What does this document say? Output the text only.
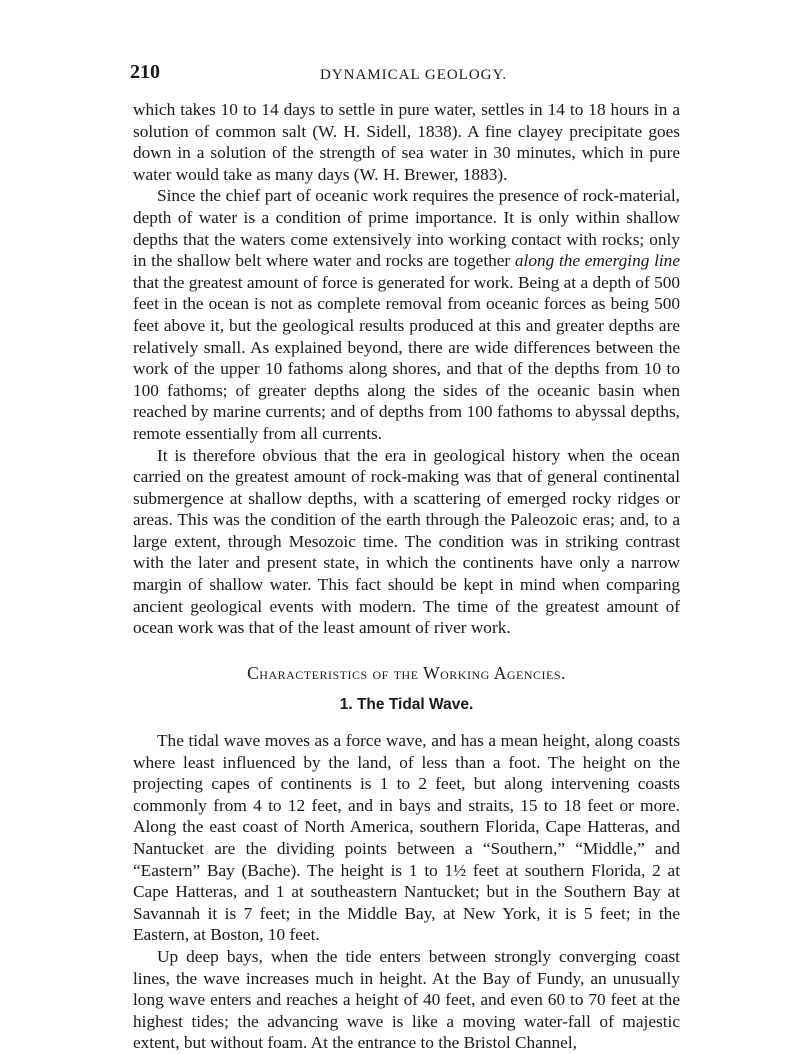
210	DYNAMICAL GEOLOGY.

which takes 10 to 14 days to settle in pure water, settles in 14 to 18 hours in a solution of common salt (W. H. Sidell, 1838). A fine clayey precipitate goes down in a solution of the strength of sea water in 30 minutes, which in pure water would take as many days (W. H. Brewer, 1883).

Since the chief part of oceanic work requires the presence of rock-material, depth of water is a condition of prime importance. It is only within shallow depths that the waters come extensively into working contact with rocks; only in the shallow belt where water and rocks are together along the emerging line that the greatest amount of force is generated for work. Being at a depth of 500 feet in the ocean is not as complete removal from oceanic forces as being 500 feet above it, but the geological results produced at this and greater depths are relatively small. As explained beyond, there are wide differences between the work of the upper 10 fathoms along shores, and that of the depths from 10 to 100 fathoms; of greater depths along the sides of the oceanic basin when reached by marine currents; and of depths from 100 fathoms to abyssal depths, remote essentially from all currents.

It is therefore obvious that the era in geological history when the ocean carried on the greatest amount of rock-making was that of general continental submergence at shallow depths, with a scattering of emerged rocky ridges or areas. This was the condition of the earth through the Paleozoic eras; and, to a large extent, through Mesozoic time. The condition was in striking contrast with the later and present state, in which the continents have only a narrow margin of shallow water. This fact should be kept in mind when comparing ancient geological events with modern. The time of the greatest amount of ocean work was that of the least amount of river work.

Characteristics of the Working Agencies.
1. The Tidal Wave.

The tidal wave moves as a force wave, and has a mean height, along coasts where least influenced by the land, of less than a foot. The height on the projecting capes of continents is 1 to 2 feet, but along intervening coasts commonly from 4 to 12 feet, and in bays and straits, 15 to 18 feet or more. Along the east coast of North America, southern Florida, Cape Hatteras, and Nantucket are the dividing points between a “Southern,” “Middle,” and “Eastern” Bay (Bache). The height is 1 to 1½ feet at southern Florida, 2 at Cape Hatteras, and 1 at southeastern Nantucket; but in the Southern Bay at Savannah it is 7 feet; in the Middle Bay, at New York, it is 5 feet; in the Eastern, at Boston, 10 feet.

Up deep bays, when the tide enters between strongly converging coast lines, the wave increases much in height. At the Bay of Fundy, an unusually long wave enters and reaches a height of 40 feet, and even 60 to 70 feet at the highest tides; the advancing wave is like a moving water-fall of majestic extent, but without foam. At the entrance to the Bristol Channel,
